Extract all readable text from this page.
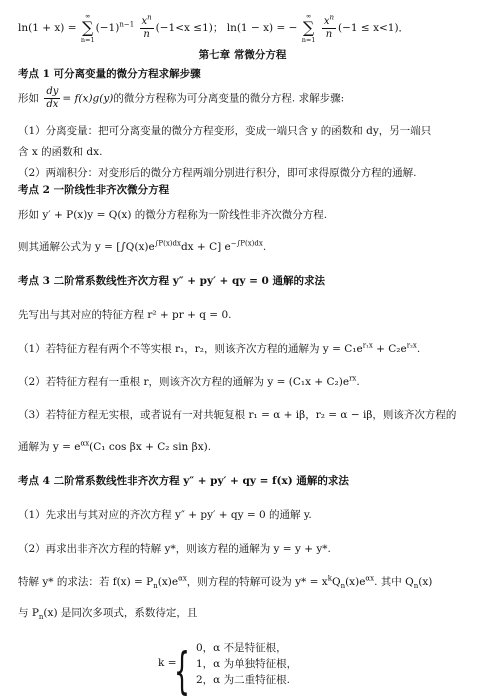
ln(1 + x) =
∞
∑
n=1
$(-1)^{n-1} \frac{x^n}{n} (-1<x \le 1)$； ln(1 − x) = −
∞
∑
n=1
$\frac{x^n}{n} (-1 \le x<1)$．
第七章 常微分方程
考点 1 可分离变量的微分方程求解步骤
形如 $\frac{dy}{dx} = f(x)g(y)$的微分方程称为可分离变量的微分方程. 求解步骤:
（1）分离变量：把可分离变量的微分方程变形，变成一端只含 y 的函数和 dy，另一端只
含 x 的函数和 dx.
（2）两端积分：对变形后的微分方程两端分别进行积分，即可求得原微分方程的通解.
考点 2 一阶线性非齐次微分方程
形如 y′ + P(x)y = Q(x) 的微分方程称为一阶线性非齐次微分方程.
则其通解公式为 $y = [\int Q(x)e^{\int P(x)dx}dx + C]$ $e^{-\int P(x)dx}$.
考点 3 二阶常系数线性齐次方程 y″ + py′ + qy = 0 通解的求法
先写出与其对应的特征方程 r² + pr + q = 0.
（1）若特征方程有两个不等实根 r₁，r₂，则该齐次方程的通解为 $y = C_1e^{r_1x} + C_2e^{r_2x}$.
（2）若特征方程有一重根 r，则该齐次方程的通解为 $y = (C_1x + C_2)e^{rx}$.
（3）若特征方程无实根，或者说有一对共轭复根 r₁ = α + iβ，r₂ = α − iβ，则该齐次方程的
通解为 $y = e^{\alpha x}(C_1$ cos βx + C₂ sin βx).
考点 4 二阶常系数线性非齐次方程 y″ + py′ + qy = f(x) 通解的求法
（1）先求出与其对应的齐次方程 y″ + py′ + qy = 0 的通解 y.
（2）再求出非齐次方程的特解 y*，则该方程的通解为 y = y + y*.
特解 y* 的求法：若 $f(x) = P_n(x)e^{\alpha x}$，则方程的特解可设为 $y* = x^kQ_n(x)e^{\alpha x}$. 其中 $Q_n(x)$
与 $P_n(x)$ 是同次多项式，系数待定，且
k =
{ 0，α 不是特征根，
1，α 为单独特征根，
2，α 为二重特征根.
